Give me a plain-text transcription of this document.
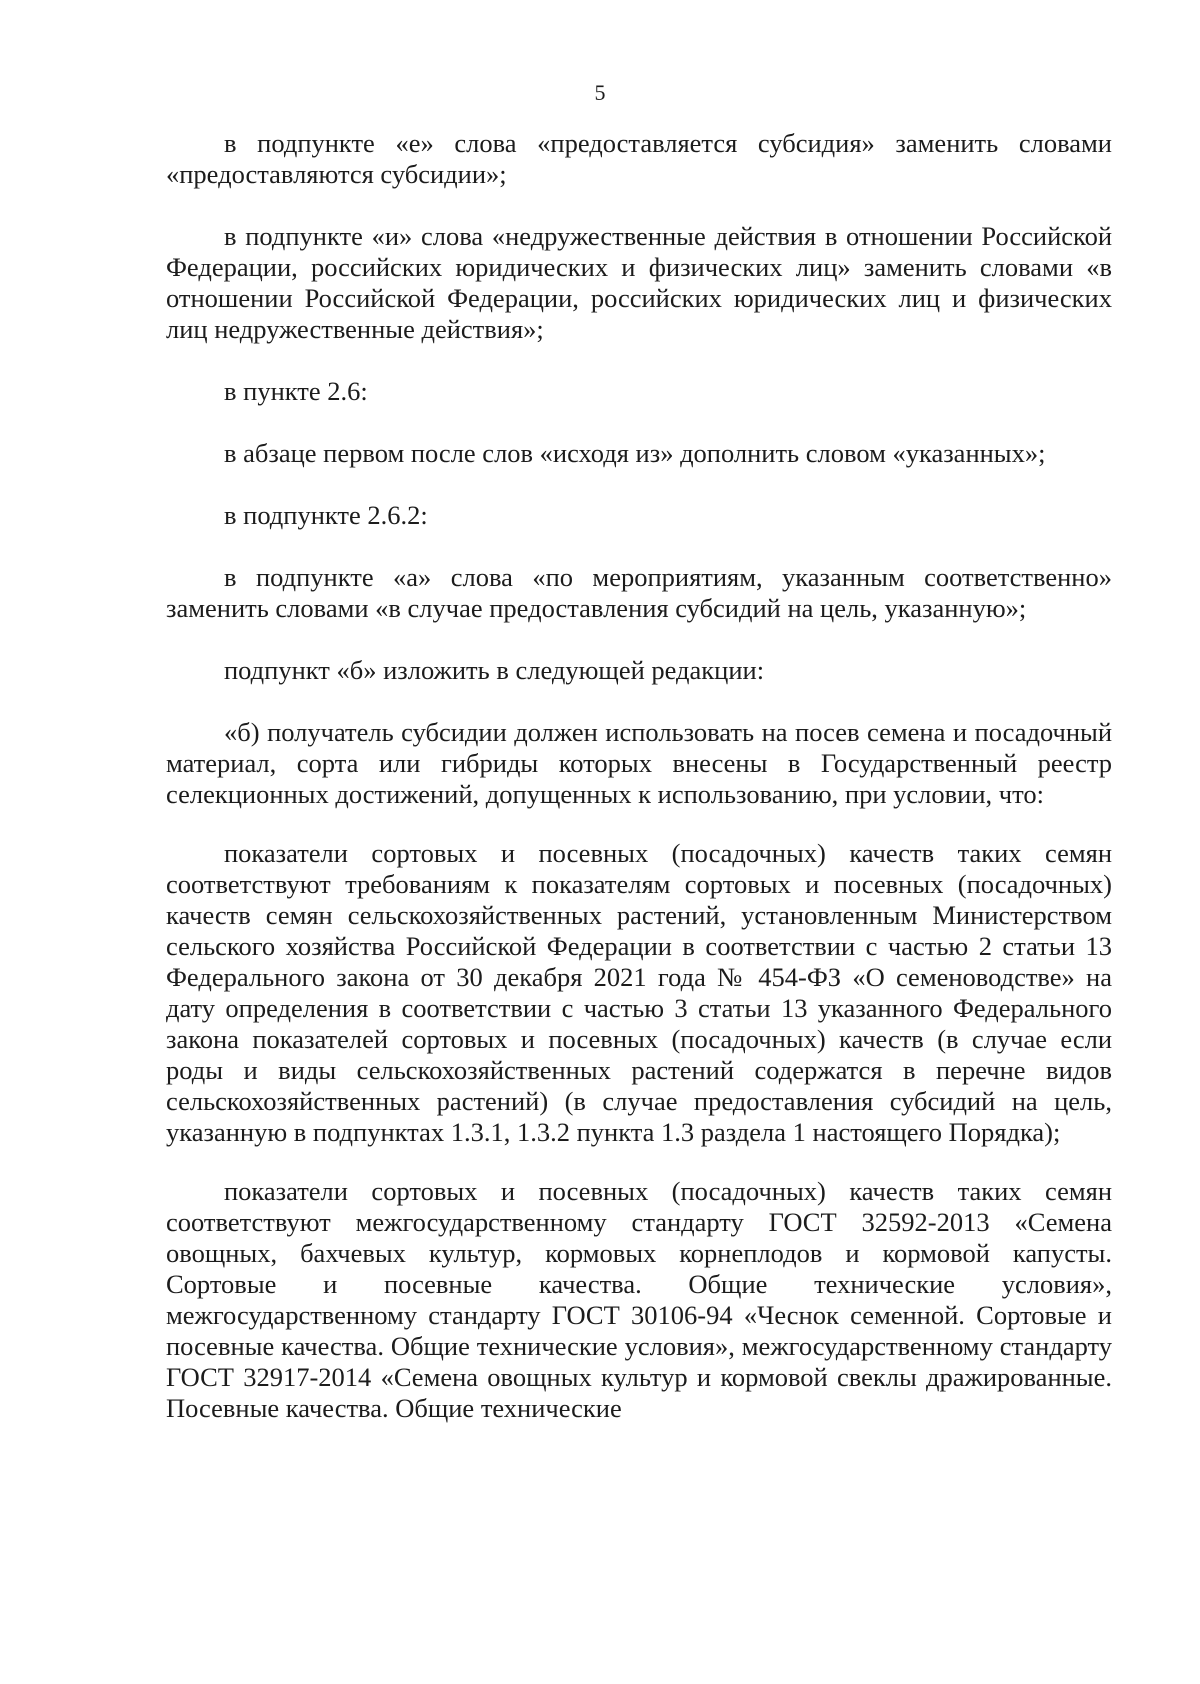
5

в подпункте «е» слова «предоставляется субсидия» заменить словами «предоставляются субсидии»;

в подпункте «и» слова «недружественные действия в отношении Российской Федерации, российских юридических и физических лиц» заменить словами «в отношении Российской Федерации, российских юридических лиц и физических лиц недружественные действия»;

в пункте 2.6:

в абзаце первом после слов «исходя из» дополнить словом «указанных»;

в подпункте 2.6.2:

в подпункте «а» слова «по мероприятиям, указанным соответственно» заменить словами «в случае предоставления субсидий на цель, указанную»;

подпункт «б» изложить в следующей редакции:

«б) получатель субсидии должен использовать на посев семена и посадочный материал, сорта или гибриды которых внесены в Государственный реестр селекционных достижений, допущенных к использованию, при условии, что:

показатели сортовых и посевных (посадочных) качеств таких семян соответствуют требованиям к показателям сортовых и посевных (посадочных) качеств семян сельскохозяйственных растений, установленным Министерством сельского хозяйства Российской Федерации в соответствии с частью 2 статьи 13 Федерального закона от 30 декабря 2021 года № 454-ФЗ «О семеноводстве» на дату определения в соответствии с частью 3 статьи 13 указанного Федерального закона показателей сортовых и посевных (посадочных) качеств (в случае если роды и виды сельскохозяйственных растений содержатся в перечне видов сельскохозяйственных растений) (в случае предоставления субсидий на цель, указанную в подпунктах 1.3.1, 1.3.2 пункта 1.3 раздела 1 настоящего Порядка);

показатели сортовых и посевных (посадочных) качеств таких семян соответствуют межгосударственному стандарту ГОСТ 32592-2013 «Семена овощных, бахчевых культур, кормовых корнеплодов и кормовой капусты. Сортовые и посевные качества. Общие технические условия», межгосударственному стандарту ГОСТ 30106-94 «Чеснок семенной. Сортовые и посевные качества. Общие технические условия», межгосударственному стандарту ГОСТ 32917-2014 «Семена овощных культур и кормовой свеклы дражированные. Посевные качества. Общие технические
